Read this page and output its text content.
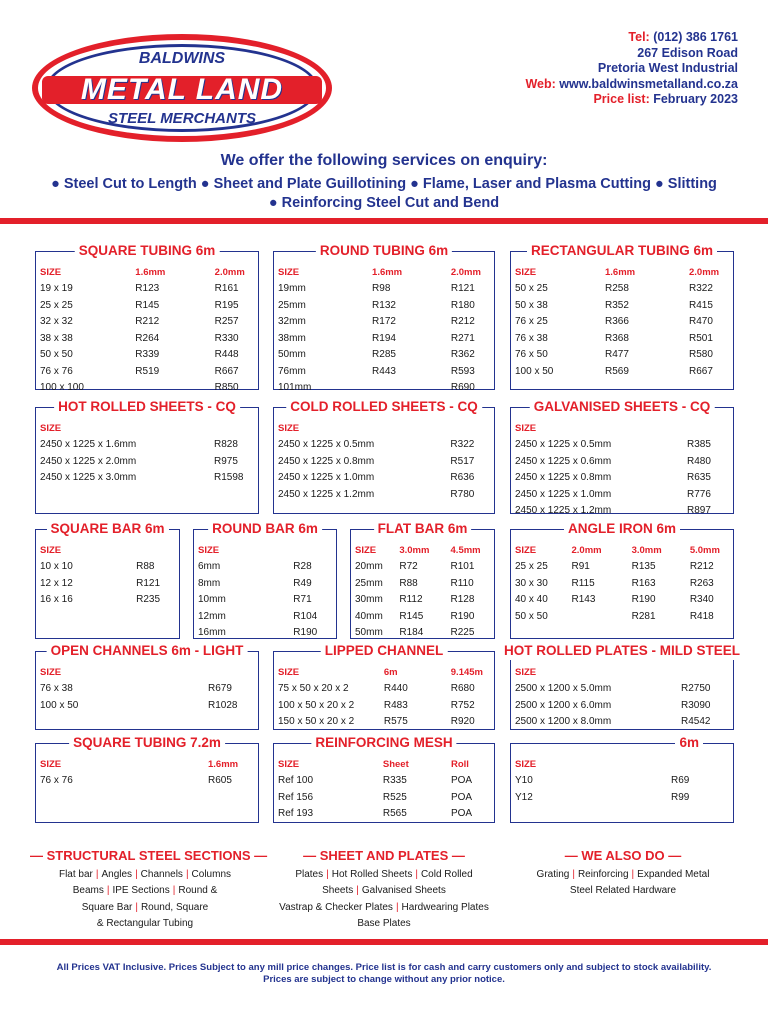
BALDWINS
METAL LAND
STEEL MERCHANTS
Tel: (012) 386 1761
267 Edison Road
Pretoria West Industrial
Web: www.baldwinsmetalland.co.za
Price list: February 2023
We offer the following services on enquiry:
● Steel Cut to Length ● Sheet and Plate Guillotining ● Flame, Laser and Plasma Cutting ● Slitting
● Reinforcing Steel Cut and Bend
SQUARE TUBING 6m
SIZE	1.6mm	2.0mm
19 x 19	R123	R161
25 x 25	R145	R195
32 x 32	R212	R257
38 x 38	R264	R330
50 x 50	R339	R448
76 x 76	R519	R667
100 x 100		R850
ROUND TUBING 6m
SIZE	1.6mm	2.0mm
19mm	R98	R121
25mm	R132	R180
32mm	R172	R212
38mm	R194	R271
50mm	R285	R362
76mm	R443	R593
101mm		R690
RECTANGULAR TUBING 6m
SIZE	1.6mm	2.0mm
50 x 25	R258	R322
50 x 38	R352	R415
76 x 25	R366	R470
76 x 38	R368	R501
76 x 50	R477	R580
100 x 50	R569	R667
HOT ROLLED SHEETS - CQ
SIZE	
2450 x 1225 x 1.6mm	R828
2450 x 1225 x 2.0mm	R975
2450 x 1225 x 3.0mm	R1598
COLD ROLLED SHEETS - CQ
SIZE	
2450 x 1225 x 0.5mm	R322
2450 x 1225 x 0.8mm	R517
2450 x 1225 x 1.0mm	R636
2450 x 1225 x 1.2mm	R780
GALVANISED SHEETS - CQ
SIZE	
2450 x 1225 x 0.5mm	R385
2450 x 1225 x 0.6mm	R480
2450 x 1225 x 0.8mm	R635
2450 x 1225 x 1.0mm	R776
2450 x 1225 x 1.2mm	R897
SQUARE BAR 6m
SIZE	
10 x 10	R88
12 x 12	R121
16 x 16	R235
ROUND BAR 6m
SIZE	
6mm	R28
8mm	R49
10mm	R71
12mm	R104
16mm	R190
FLAT BAR 6m
SIZE	3.0mm	4.5mm
20mm	R72	R101
25mm	R88	R110
30mm	R112	R128
40mm	R145	R190
50mm	R184	R225
ANGLE IRON 6m
SIZE	2.0mm	3.0mm	5.0mm
25 x 25	R91	R135	R212
30 x 30	R115	R163	R263
40 x 40	R143	R190	R340
50 x 50		R281	R418
OPEN CHANNELS 6m - LIGHT
SIZE	
76 x 38	R679
100 x 50	R1028
LIPPED CHANNEL
SIZE	6m	9.145m
75 x 50 x 20 x 2	R440	R680
100 x 50 x 20 x 2	R483	R752
150 x 50 x 20 x 2	R575	R920
HOT ROLLED PLATES - MILD STEEL
SIZE	
2500 x 1200 x 5.0mm	R2750
2500 x 1200 x 6.0mm	R3090
2500 x 1200 x 8.0mm	R4542
SQUARE TUBING 7.2m
SIZE	1.6mm
76 x 76	R605
REINFORCING MESH
SIZE	Sheet	Roll
Ref 100	R335	POA
Ref 156	R525	POA
Ref 193	R565	POA
6m
SIZE	
Y10	R69
Y12	R99
— STRUCTURAL STEEL SECTIONS —
Flat bar | Angles | Channels | Columns
Beams | IPE Sections | Round &
Square Bar | Round, Square
& Rectangular Tubing
— SHEET AND PLATES —
Plates | Hot Rolled Sheets | Cold Rolled
Sheets | Galvanised Sheets
Vastrap & Checker Plates | Hardwearing Plates
Base Plates
— WE ALSO DO —
Grating | Reinforcing | Expanded Metal
Steel Related Hardware
All Prices VAT Inclusive. Prices Subject to any mill price changes. Price list is for cash and carry customers only and subject to stock availability.
Prices are subject to change without any prior notice.
